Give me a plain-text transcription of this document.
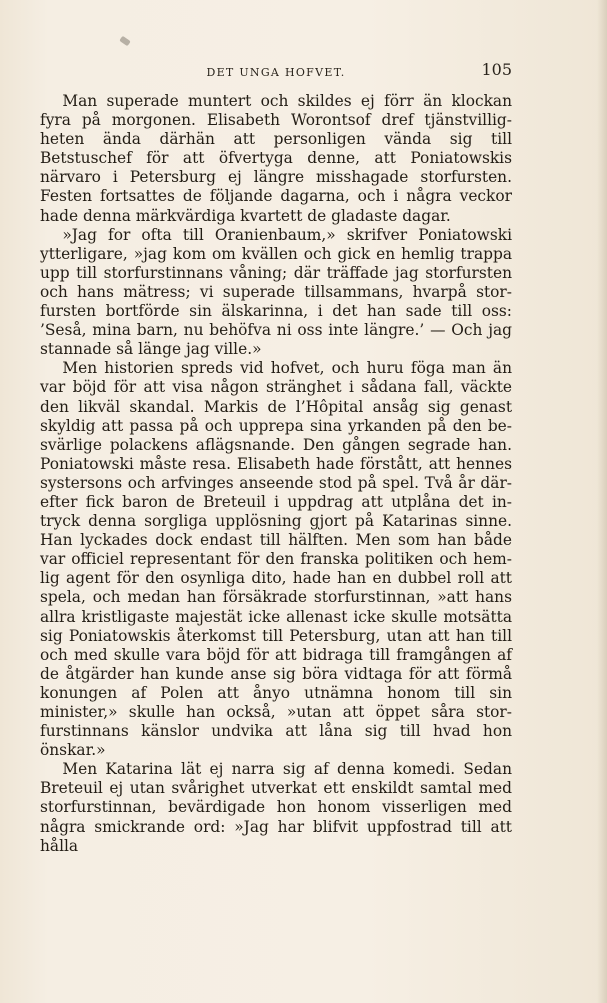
DET UNGA HOFVET.	105

Man superade muntert och skildes ej förr än klockan fyra på morgonen. Elisabeth Worontsof dref tjänstvilligheten ända därhän att personligen vända sig till Betstuschef för att öfvertyga denne, att Poniatowskis närvaro i Petersburg ej längre misshagade storfursten. Festen fortsattes de följande dagarna, och i några veckor hade denna märkvärdiga kvartett de gladaste dagar.

»Jag for ofta till Oranienbaum,» skrifver Poniatowski ytterligare, »jag kom om kvällen och gick en hemlig trappa upp till storfurstinnans våning; där träffade jag storfursten och hans mätress; vi superade tillsammans, hvarpå storfursten bortförde sin älskarinna, i det han sade till oss: ’Seså, mina barn, nu behöfva ni oss inte längre.’ — Och jag stannade så länge jag ville.»

Men historien spreds vid hofvet, och huru föga man än var böjd för att visa någon stränghet i sådana fall, väckte den likväl skandal. Markis de l’Hôpital ansåg sig genast skyldig att passa på och upprepa sina yrkanden på den besvärlige polackens aflägsnande. Den gången segrade han. Poniatowski måste resa. Elisabeth hade förstått, att hennes systersons och arfvinges anseende stod på spel. Två år därefter fick baron de Breteuil i uppdrag att utplåna det intryck denna sorgliga upplösning gjort på Katarinas sinne. Han lyckades dock endast till hälften. Men som han både var officiel representant för den franska politiken och hemlig agent för den osynliga dito, hade han en dubbel roll att spela, och medan han försäkrade storfurstinnan, »att hans allra kristligaste majestät icke allenast icke skulle motsätta sig Poniatowskis återkomst till Petersburg, utan att han till och med skulle vara böjd för att bidraga till framgången af de åtgärder han kunde anse sig böra vidtaga för att förmå konungen af Polen att ånyo utnämna honom till sin minister,» skulle han också, »utan att öppet såra storfurstinnans känslor undvika att låna sig till hvad hon önskar.»

Men Katarina lät ej narra sig af denna komedi. Sedan Breteuil ej utan svårighet utverkat ett enskildt samtal med storfurstinnan, bevärdigade hon honom visserligen med några smickrande ord: »Jag har blifvit uppfostrad till att hålla
